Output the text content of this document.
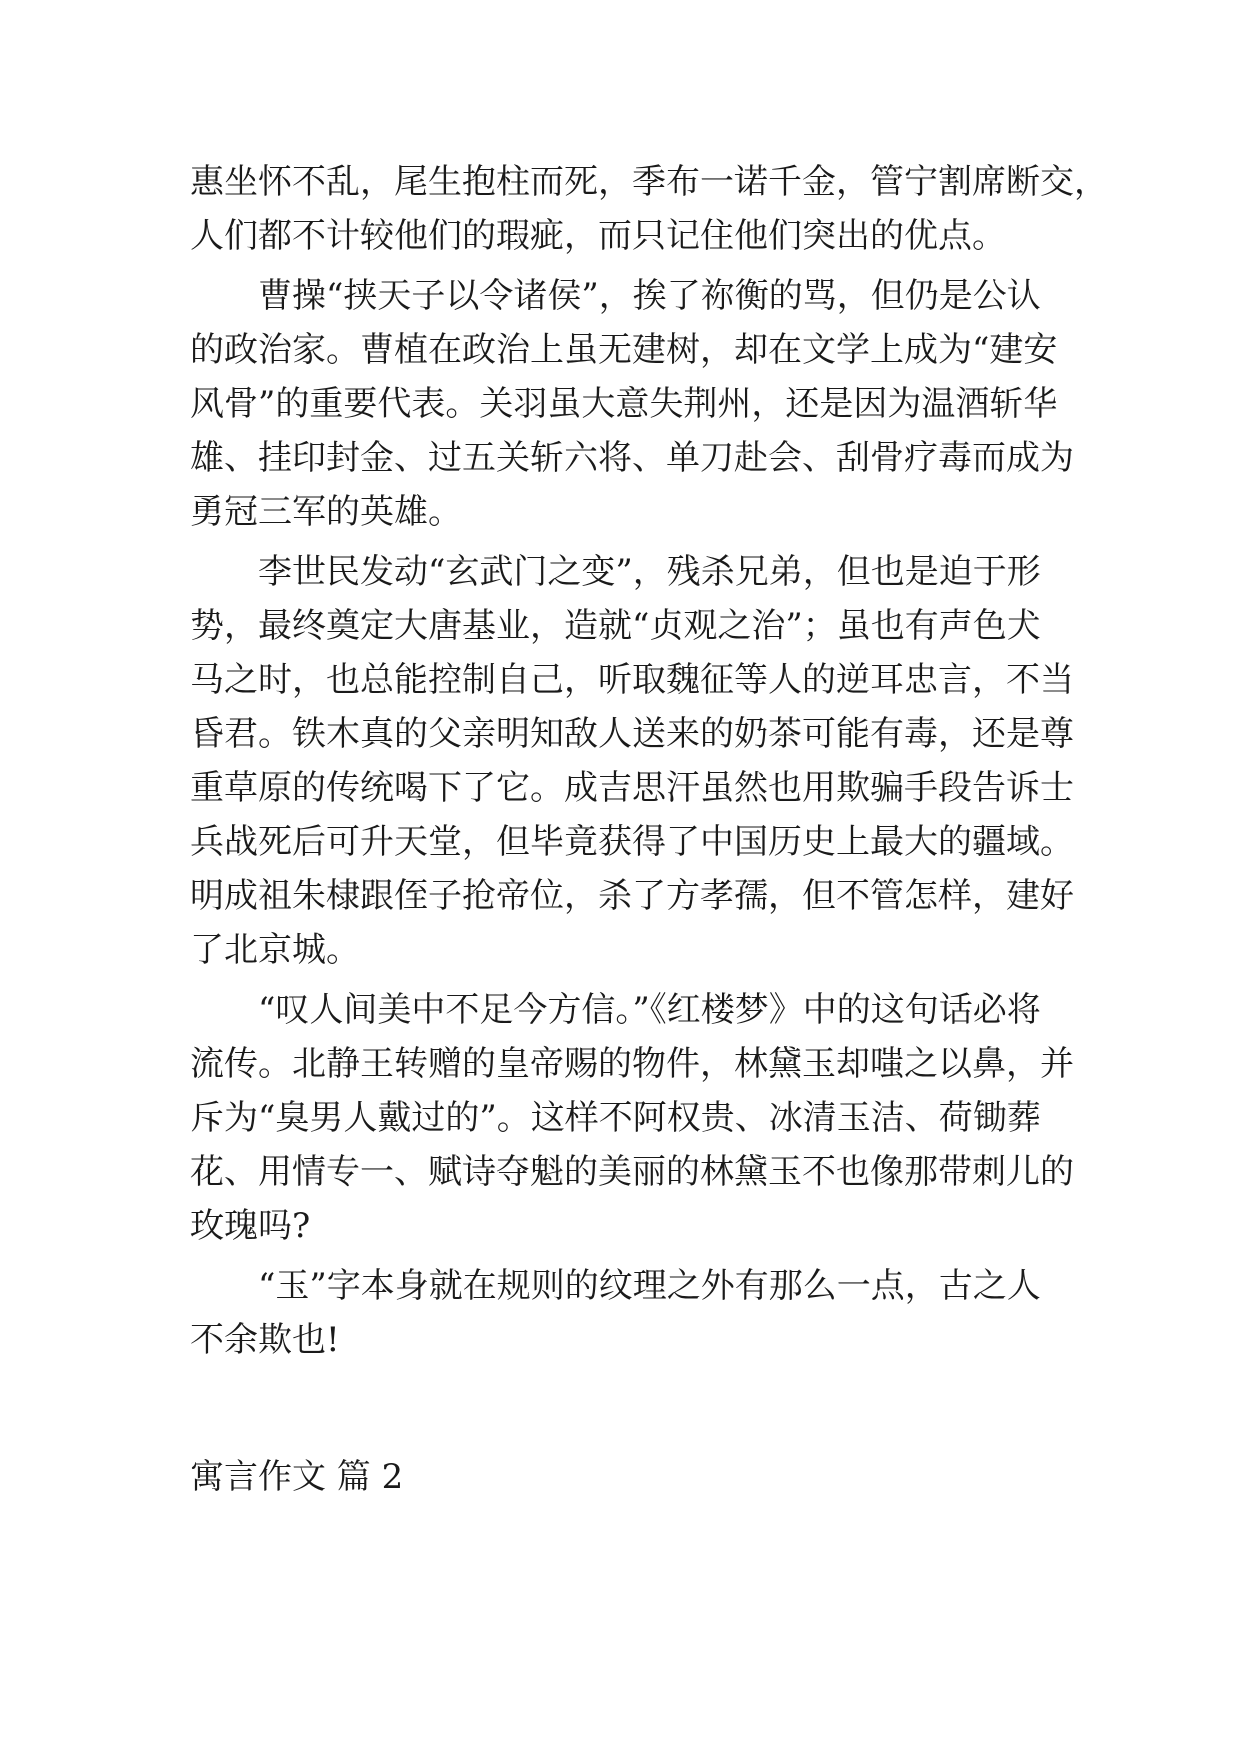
惠坐怀不乱，尾生抱柱而死，季布一诺千金，管宁割席断交，
人们都不计较他们的瑕疵，而只记住他们突出的优点。
曹操“挟天子以令诸侯”，挨了祢衡的骂，但仍是公认
的政治家。曹植在政治上虽无建树，却在文学上成为“建安
风骨”的重要代表。关羽虽大意失荆州，还是因为温酒斩华
雄、挂印封金、过五关斩六将、单刀赴会、刮骨疗毒而成为
勇冠三军的英雄。
李世民发动“玄武门之变”，残杀兄弟，但也是迫于形
势，最终奠定大唐基业，造就“贞观之治”；虽也有声色犬
马之时，也总能控制自己，听取魏征等人的逆耳忠言，不当
昏君。铁木真的父亲明知敌人送来的奶茶可能有毒，还是尊
重草原的传统喝下了它。成吉思汗虽然也用欺骗手段告诉士
兵战死后可升天堂，但毕竟获得了中国历史上最大的疆域。
明成祖朱棣跟侄子抢帝位，杀了方孝孺，但不管怎样，建好
了北京城。
“叹人间美中不足今方信。”《红楼梦》中的这句话必将
流传。北静王转赠的皇帝赐的物件，林黛玉却嗤之以鼻，并
斥为“臭男人戴过的”。这样不阿权贵、冰清玉洁、荷锄葬
花、用情专一、赋诗夺魁的美丽的林黛玉不也像那带刺儿的
玫瑰吗?
“玉”字本身就在规则的纹理之外有那么一点，古之人
不余欺也!
寓言作文 篇 2
